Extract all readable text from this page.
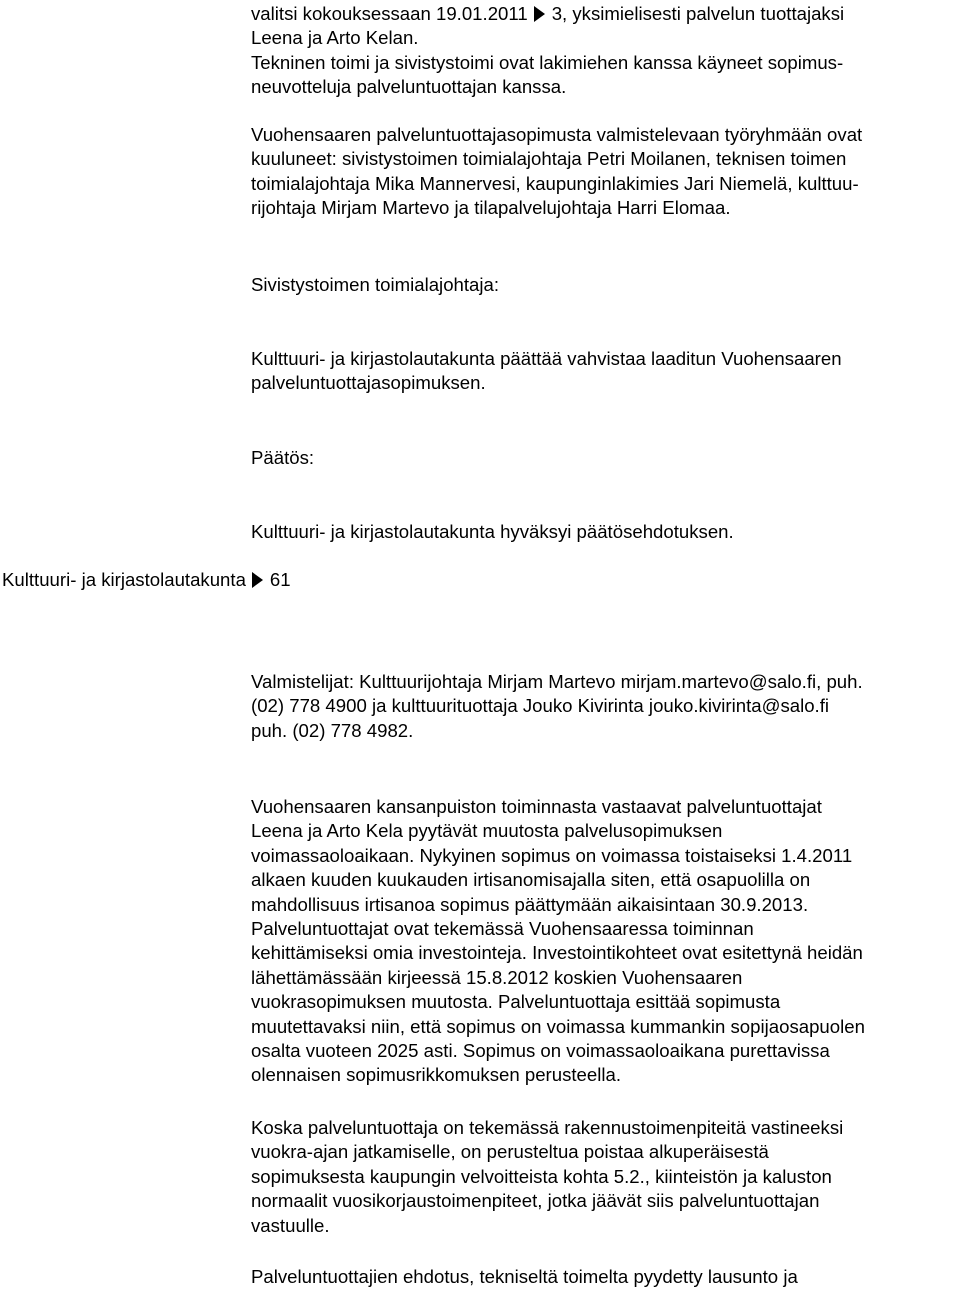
valitsi kokouksessaan 19.01.2011 3, yksimielisesti palvelun tuottajaksi
Leena ja Arto Kelan.
Tekninen toimi ja sivistystoimi ovat lakimiehen kanssa käyneet sopimus-
neuvotteluja palveluntuottajan kanssa.
Vuohensaaren palveluntuottajasopimusta valmistelevaan työryhmään ovat
kuuluneet: sivistystoimen toimialajohtaja Petri Moilanen, teknisen toimen
toimialajohtaja Mika Mannervesi, kaupunginlakimies Jari Niemelä, kulttuu-
rijohtaja Mirjam Martevo ja tilapalvelujohtaja Harri Elomaa.
Sivistystoimen toimialajohtaja:
Kulttuuri- ja kirjastolautakunta päättää vahvistaa laaditun Vuohensaaren
palveluntuottajasopimuksen.
Päätös:
Kulttuuri- ja kirjastolautakunta hyväksyi päätösehdotuksen.
Kulttuuri- ja kirjastolautakunta 61
Valmistelijat: Kulttuurijohtaja Mirjam Martevo mirjam.martevo@salo.fi, puh.
(02) 778 4900 ja kulttuurituottaja Jouko Kivirinta jouko.kivirinta@salo.fi
puh. (02) 778 4982.
Vuohensaaren kansanpuiston toiminnasta vastaavat palveluntuottajat
Leena ja Arto Kela pyytävät muutosta palvelusopimuksen
voimassaoloaikaan. Nykyinen sopimus on voimassa toistaiseksi 1.4.2011
alkaen kuuden kuukauden irtisanomisajalla siten, että osapuolilla on
mahdollisuus irtisanoa sopimus päättymään aikaisintaan 30.9.2013.
Palveluntuottajat ovat tekemässä Vuohensaaressa toiminnan
kehittämiseksi omia investointeja. Investointikohteet ovat esitettynä heidän
lähettämässään kirjeessä 15.8.2012 koskien Vuohensaaren
vuokrasopimuksen muutosta. Palveluntuottaja esittää sopimusta
muutettavaksi niin, että sopimus on voimassa kummankin sopijaosapuolen
osalta vuoteen 2025 asti. Sopimus on voimassaoloaikana purettavissa
olennaisen sopimusrikkomuksen perusteella.
Koska palveluntuottaja on tekemässä rakennustoimenpiteitä vastineeksi
vuokra-ajan jatkamiselle, on perusteltua poistaa alkuperäisestä
sopimuksesta kaupungin velvoitteista kohta 5.2., kiinteistön ja kaluston
normaalit vuosikorjaustoimenpiteet, jotka jäävät siis palveluntuottajan
vastuulle.
Palveluntuottajien ehdotus, tekniseltä toimelta pyydetty lausunto ja
